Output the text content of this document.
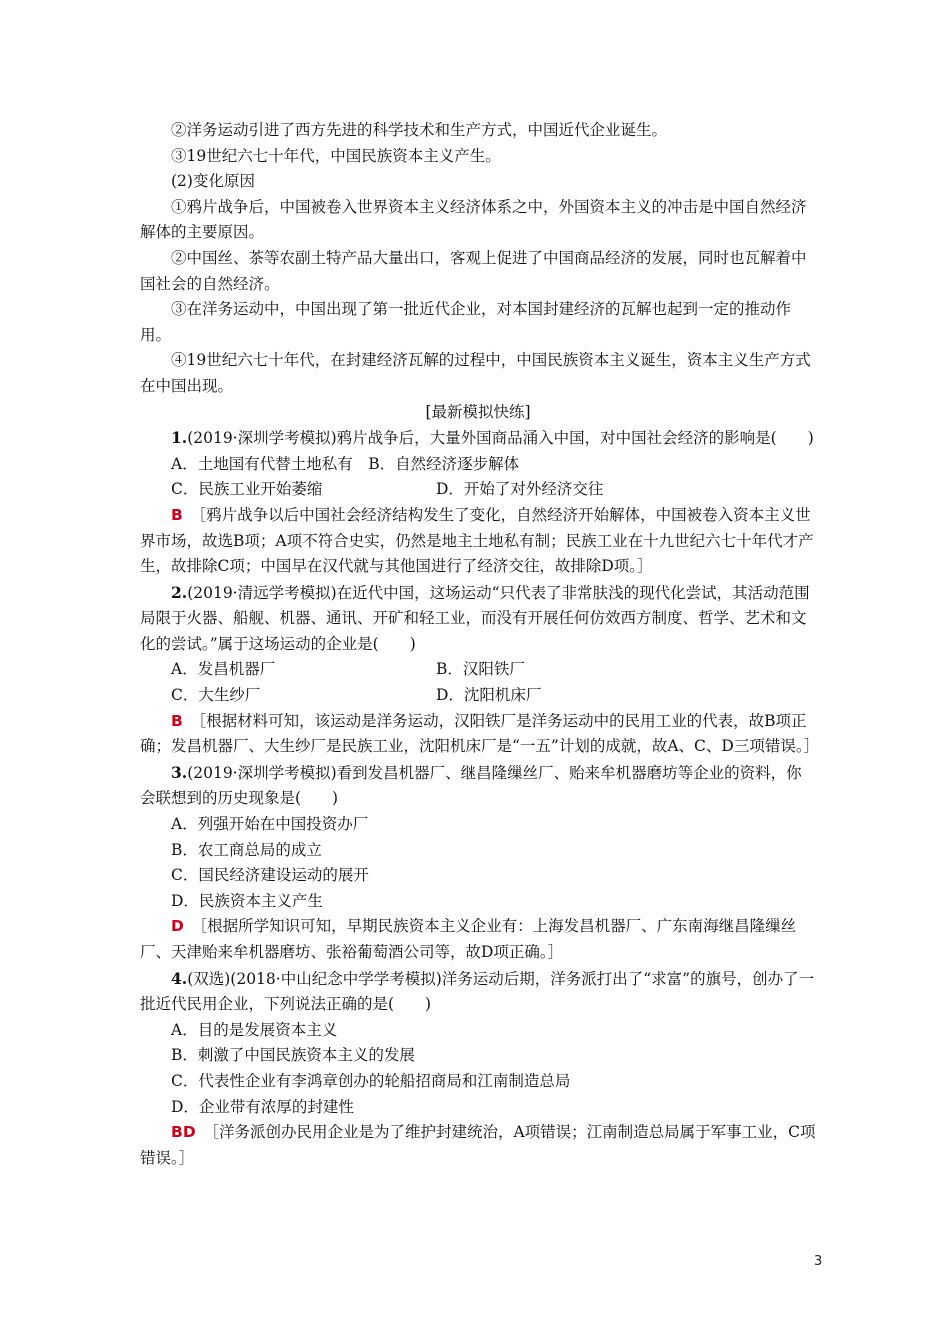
②洋务运动引进了西方先进的科学技术和生产方式，中国近代企业诞生。

③19世纪六七十年代，中国民族资本主义产生。

(2)变化原因

①鸦片战争后，中国被卷入世界资本主义经济体系之中，外国资本主义的冲击是中国自然经济解体的主要原因。

②中国丝、茶等农副土特产品大量出口，客观上促进了中国商品经济的发展，同时也瓦解着中国社会的自然经济。

③在洋务运动中，中国出现了第一批近代企业，对本国封建经济的瓦解也起到一定的推动作用。

④19世纪六七十年代，在封建经济瓦解的过程中，中国民族资本主义诞生，资本主义生产方式在中国出现。

[最新模拟快练]

1.(2019·深圳学考模拟)鸦片战争后，大量外国商品涌入中国，对中国社会经济的影响是(　　)

A．土地国有代替土地私有　B．自然经济逐步解体

C．民族工业开始萎缩	D．开始了对外经济交往

B　 ［鸦片战争以后中国社会经济结构发生了变化，自然经济开始解体，中国被卷入资本主义世界市场，故选B项；A项不符合史实，仍然是地主土地私有制；民族工业在十九世纪六七十年代才产生，故排除C项；中国早在汉代就与其他国进行了经济交往，故排除D项。］

2.(2019·清远学考模拟)在近代中国，这场运动“只代表了非常肤浅的现代化尝试，其活动范围局限于火器、船舰、机器、通讯、开矿和轻工业，而没有开展任何仿效西方制度、哲学、艺术和文化的尝试。”属于这场运动的企业是(　　)

A．发昌机器厂	B．汉阳铁厂
C．大生纱厂	D．沈阳机床厂

B　 ［根据材料可知，该运动是洋务运动，汉阳铁厂是洋务运动中的民用工业的代表，故B项正确；发昌机器厂、大生纱厂是民族工业，沈阳机床厂是“一五”计划的成就，故A、C、D三项错误。］

3.(2019·深圳学考模拟)看到发昌机器厂、继昌隆缫丝厂、贻来牟机器磨坊等企业的资料，你会联想到的历史现象是(　　)

A．列强开始在中国投资办厂

B．农工商总局的成立

C．国民经济建设运动的展开

D．民族资本主义产生

D　 ［根据所学知识可知，早期民族资本主义企业有：上海发昌机器厂、广东南海继昌隆缫丝厂、天津贻来牟机器磨坊、张裕葡萄酒公司等，故D项正确。］

4.(双选)(2018·中山纪念中学学考模拟)洋务运动后期，洋务派打出了“求富”的旗号，创办了一批近代民用企业，下列说法正确的是(　　)

A．目的是发展资本主义

B．刺激了中国民族资本主义的发展

C．代表性企业有李鸿章创办的轮船招商局和江南制造总局

D．企业带有浓厚的封建性

BD　 ［洋务派创办民用企业是为了维护封建统治，A项错误；江南制造总局属于军事工业，C项错误。］

3
